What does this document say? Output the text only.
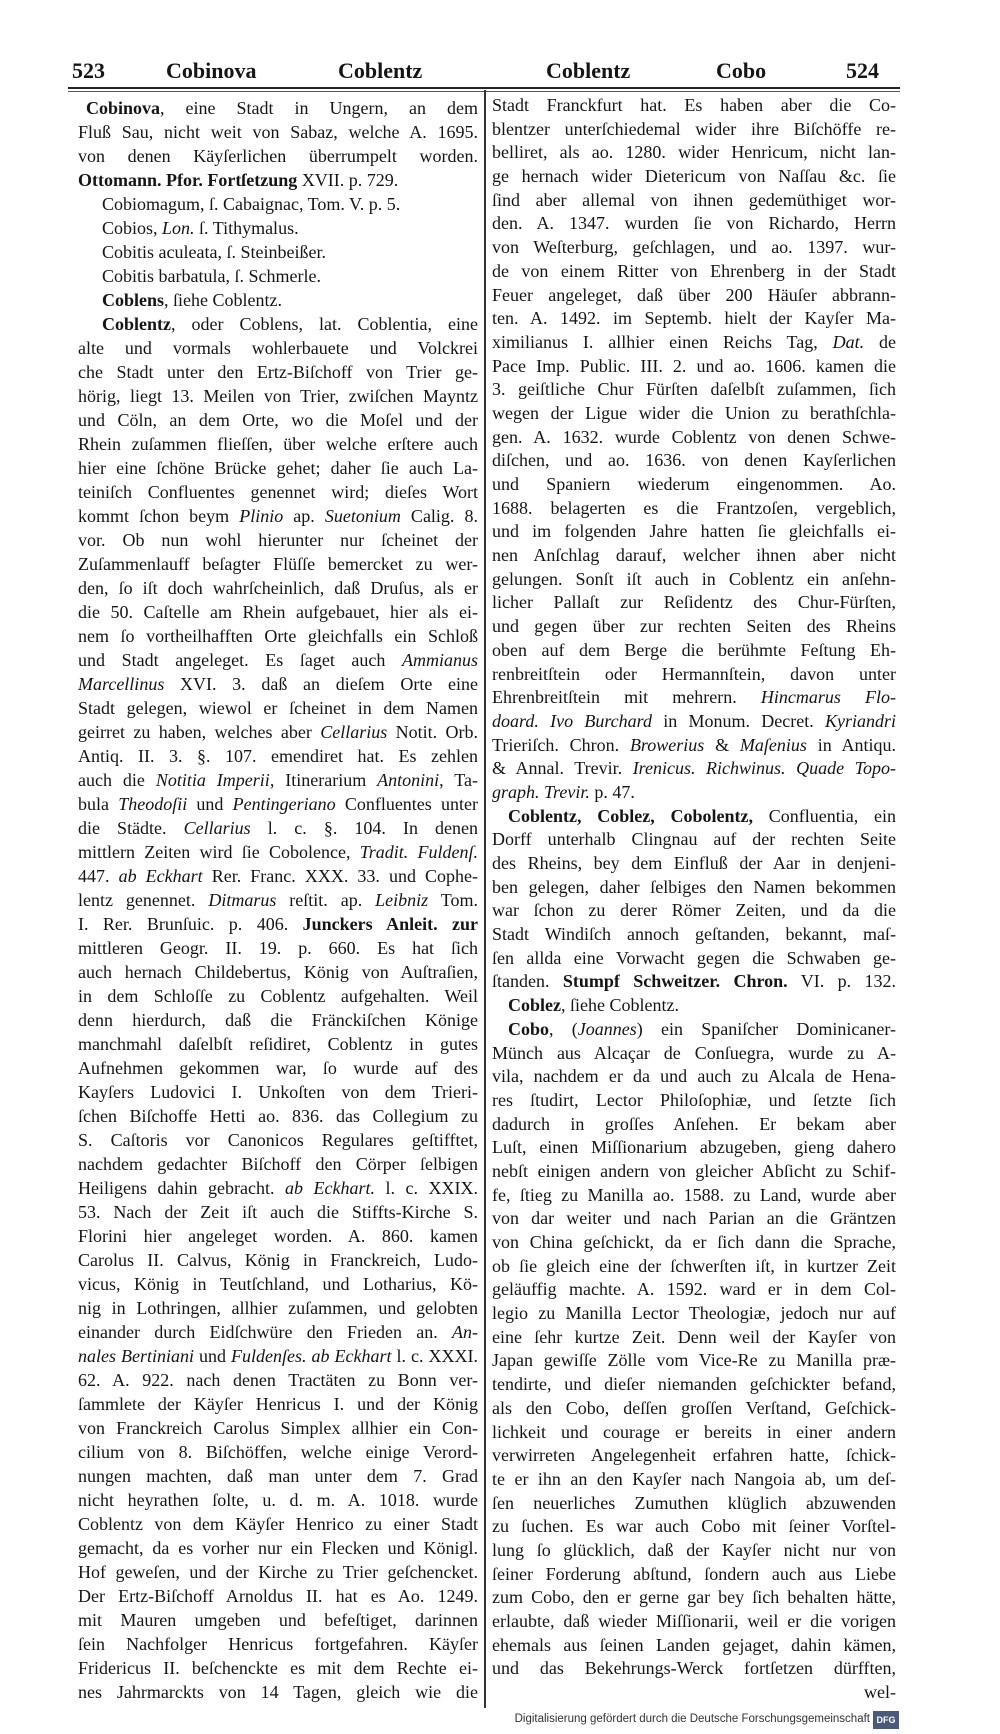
523	Cobinova	Coblentz	Coblentz	Cobo	524
Cobinova, eine Stadt in Ungern, an dem
Fluß Sau, nicht weit von Sabaz, welche A. 1695.
von denen Käyſerlichen überrumpelt worden.
Ottomann. Pfor. Fortſetzung XVII. p. 729.
Cobiomagum, ſ. Cabaignac, Tom. V. p. 5.
Cobios, Lon. ſ. Tithymalus.
Cobitis aculeata, ſ. Steinbeißer.
Cobitis barbatula, ſ. Schmerle.
Coblens, ſiehe Coblentz.
Coblentz, oder Coblens, lat. Coblentia, eine
alte und vormals wohlerbauete und Volckrei
che Stadt unter den Ertz-Biſchoff von Trier ge-
hörig, liegt 13. Meilen von Trier, zwiſchen Mayntz
und Cöln, an dem Orte, wo die Moſel und der
Rhein zuſammen flieſſen, über welche erſtere auch
hier eine ſchöne Brücke gehet; daher ſie auch La-
teiniſch Confluentes genennet wird; dieſes Wort
kommt ſchon beym Plinio ap. Suetonium Calig. 8.
vor. Ob nun wohl hierunter nur ſcheinet der
Zuſammenlauff beſagter Flüſſe bemercket zu wer-
den, ſo iſt doch wahrſcheinlich, daß Druſus, als er
die 50. Caſtelle am Rhein aufgebauet, hier als ei-
nem ſo vortheilhafften Orte gleichfalls ein Schloß
und Stadt angeleget. Es ſaget auch Ammianus
Marcellinus XVI. 3. daß an dieſem Orte eine
Stadt gelegen, wiewol er ſcheinet in dem Namen
geirret zu haben, welches aber Cellarius Notit. Orb.
Antiq. II. 3. §. 107. emendiret hat. Es zehlen
auch die Notitia Imperii, Itinerarium Antonini, Ta-
bula Theodoſii und Pentingeriano Confluentes unter
die Städte. Cellarius l. c. §. 104. In denen
mittlern Zeiten wird ſie Cobolence, Tradit. Fuldenſ.
447. ab Eckhart Rer. Franc. XXX. 33. und Cophe-
lentz genennet. Ditmarus reſtit. ap. Leibniz Tom.
I. Rer. Brunſuic. p. 406. Junckers Anleit. zur
mittleren Geogr. II. 19. p. 660. Es hat ſich
auch hernach Childebertus, König von Auſtraſien,
in dem Schloſſe zu Coblentz aufgehalten. Weil
denn hierdurch, daß die Fränckiſchen Könige
manchmahl daſelbſt reſidiret, Coblentz in gutes
Aufnehmen gekommen war, ſo wurde auf des
Kayſers Ludovici I. Unkoſten von dem Trieri-
ſchen Biſchoffe Hetti ao. 836. das Collegium zu
S. Caſtoris vor Canonicos Regulares geſtifftet,
nachdem gedachter Biſchoff den Cörper ſelbigen
Heiligens dahin gebracht. ab Eckhart. l. c. XXIX.
53. Nach der Zeit iſt auch die Stiffts-Kirche S.
Florini hier angeleget worden. A. 860. kamen
Carolus II. Calvus, König in Franckreich, Ludo-
vicus, König in Teutſchland, und Lotharius, Kö-
nig in Lothringen, allhier zuſammen, und gelobten
einander durch Eidſchwüre den Frieden an. An-
nales Bertiniani und Fuldenſes. ab Eckhart l. c. XXXI.
62. A. 922. nach denen Tractäten zu Bonn ver-
ſammlete der Käyſer Henricus I. und der König
von Franckreich Carolus Simplex allhier ein Con-
cilium von 8. Biſchöffen, welche einige Verord-
nungen machten, daß man unter dem 7. Grad
nicht heyrathen ſolte, u. d. m. A. 1018. wurde
Coblentz von dem Käyſer Henrico zu einer Stadt
gemacht, da es vorher nur ein Flecken und Königl.
Hof geweſen, und der Kirche zu Trier geſchencket.
Der Ertz-Biſchoff Arnoldus II. hat es Ao. 1249.
mit Mauren umgeben und befeſtiget, darinnen
ſein Nachfolger Henricus fortgefahren. Käyſer
Fridericus II. beſchenckte es mit dem Rechte ei-
nes Jahrmarckts von 14 Tagen, gleich wie die
Stadt Franckfurt hat. Es haben aber die Co-
blentzer unterſchiedemal wider ihre Biſchöffe re-
belliret, als ao. 1280. wider Henricum, nicht lan-
ge hernach wider Dietericum von Naſſau &c. ſie
ſind aber allemal von ihnen gedemüthiget wor-
den. A. 1347. wurden ſie von Richardo, Herrn
von Weſterburg, geſchlagen, und ao. 1397. wur-
de von einem Ritter von Ehrenberg in der Stadt
Feuer angeleget, daß über 200 Häuſer abbrann-
ten. A. 1492. im Septemb. hielt der Kayſer Ma-
ximilianus I. allhier einen Reichs Tag, Dat. de
Pace Imp. Public. III. 2. und ao. 1606. kamen die
3. geiſtliche Chur Fürſten daſelbſt zuſammen, ſich
wegen der Ligue wider die Union zu berathſchla-
gen. A. 1632. wurde Coblentz von denen Schwe-
diſchen, und ao. 1636. von denen Kayſerlichen
und Spaniern wiederum eingenommen. Ao.
1688. belagerten es die Frantzoſen, vergeblich,
und im folgenden Jahre hatten ſie gleichfalls ei-
nen Anſchlag darauf, welcher ihnen aber nicht
gelungen. Sonſt iſt auch in Coblentz ein anſehn-
licher Pallaſt zur Reſidentz des Chur-Fürſten,
und gegen über zur rechten Seiten des Rheins
oben auf dem Berge die berühmte Feſtung Eh-
renbreitſtein oder Hermannſtein, davon unter
Ehrenbreitſtein mit mehrern. Hincmarus Flo-
doard. Ivo Burchard in Monum. Decret. Kyriandri
Trieriſch. Chron. Browerius & Maſenius in Antiqu.
& Annal. Trevir. Irenicus. Richwinus. Quade Topo-
graph. Trevir. p. 47.
Coblentz, Coblez, Cobolentz, Confluentia, ein
Dorff unterhalb Clingnau auf der rechten Seite
des Rheins, bey dem Einfluß der Aar in denjeni-
ben gelegen, daher ſelbiges den Namen bekommen
war ſchon zu derer Römer Zeiten, und da die
Stadt Windiſch annoch geſtanden, bekannt, maſ-
ſen allda eine Vorwacht gegen die Schwaben ge-
ſtanden. Stumpf Schweitzer. Chron. VI. p. 132.
Coblez, ſiehe Coblentz.
Cobo, (Joannes) ein Spaniſcher Dominicaner-
Münch aus Alcaçar de Conſuegra, wurde zu A-
vila, nachdem er da und auch zu Alcala de Hena-
res ſtudirt, Lector Philoſophiæ, und ſetzte ſich
dadurch in groſſes Anſehen. Er bekam aber
Luſt, einen Miſſionarium abzugeben, gieng dahero
nebſt einigen andern von gleicher Abſicht zu Schif-
fe, ſtieg zu Manilla ao. 1588. zu Land, wurde aber
von dar weiter und nach Parian an die Gräntzen
von China geſchickt, da er ſich dann die Sprache,
ob ſie gleich eine der ſchwerſten iſt, in kurtzer Zeit
geläuffig machte. A. 1592. ward er in dem Col-
legio zu Manilla Lector Theologiæ, jedoch nur auf
eine ſehr kurtze Zeit. Denn weil der Kayſer von
Japan gewiſſe Zölle vom Vice-Re zu Manilla præ-
tendirte, und dieſer niemanden geſchickter befand,
als den Cobo, deſſen groſſen Verſtand, Geſchick-
lichkeit und courage er bereits in einer andern
verwirreten Angelegenheit erfahren hatte, ſchick-
te er ihn an den Kayſer nach Nangoia ab, um deſ-
ſen neuerliches Zumuthen klüglich abzuwenden
zu ſuchen. Es war auch Cobo mit ſeiner Vorſtel-
lung ſo glücklich, daß der Kayſer nicht nur von
ſeiner Forderung abſtund, ſondern auch aus Liebe
zum Cobo, den er gerne gar bey ſich behalten hätte,
erlaubte, daß wieder Miſſionarii, weil er die vorigen
ehemals aus ſeinen Landen gejaget, dahin kämen,
und das Bekehrungs-Werck fortſetzen dürfften,
wel-
Digitalisierung gefördert durch die Deutsche Forschungsgemeinschaft DFG
